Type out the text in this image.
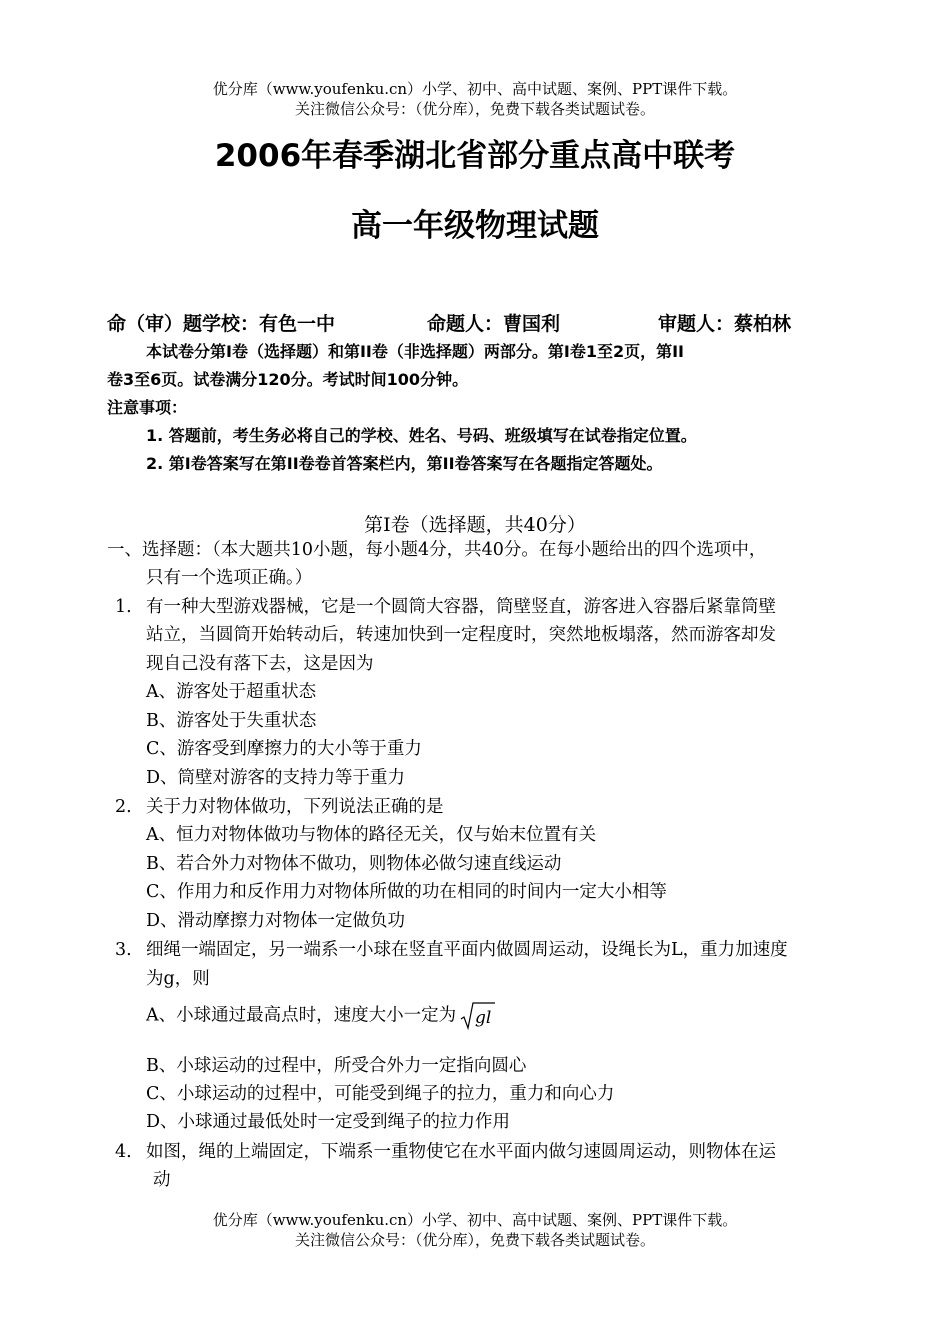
优分库（www.youfenku.cn）小学、初中、高中试题、案例、PPT课件下载。
关注微信公众号：（优分库），免费下载各类试题试卷。
2006年春季湖北省部分重点高中联考
高一年级物理试题
命（审）题学校：有色一中	命题人：曹国利	审题人：蔡柏林
本试卷分第Ⅰ卷（选择题）和第ⅠⅠ卷（非选择题）两部分。第Ⅰ卷1至2页，第ⅠⅠ
卷3至6页。试卷满分120分。考试时间100分钟。
注意事项：
1. 答题前，考生务必将自己的学校、姓名、号码、班级填写在试卷指定位置。
2. 第Ⅰ卷答案写在第ⅠⅠ卷卷首答案栏内，第ⅠⅠ卷答案写在各题指定答题处。
第Ⅰ卷（选择题，共40分）
一、选择题：（本大题共10小题，每小题4分，共40分。在每小题给出的四个选项中，
只有一个选项正确。）
1. 有一种大型游戏器械，它是一个圆筒大容器，筒壁竖直，游客进入容器后紧靠筒壁
站立，当圆筒开始转动后，转速加快到一定程度时，突然地板塌落，然而游客却发
现自己没有落下去，这是因为
A、游客处于超重状态
B、游客处于失重状态
C、游客受到摩擦力的大小等于重力
D、筒壁对游客的支持力等于重力
2. 关于力对物体做功，下列说法正确的是
A、恒力对物体做功与物体的路径无关，仅与始末位置有关
B、若合外力对物体不做功，则物体必做匀速直线运动
C、作用力和反作用力对物体所做的功在相同的时间内一定大小相等
D、滑动摩擦力对物体一定做负功
3. 细绳一端固定，另一端系一小球在竖直平面内做圆周运动，设绳长为L，重力加速度
为g，则
A、小球通过最高点时，速度大小一定为 gl
B、小球运动的过程中，所受合外力一定指向圆心
C、小球运动的过程中，可能受到绳子的拉力，重力和向心力
D、小球通过最低处时一定受到绳子的拉力作用
4. 如图，绳的上端固定，下端系一重物使它在水平面内做匀速圆周运动，则物体在运
动
优分库（www.youfenku.cn）小学、初中、高中试题、案例、PPT课件下载。
关注微信公众号：（优分库），免费下载各类试题试卷。
